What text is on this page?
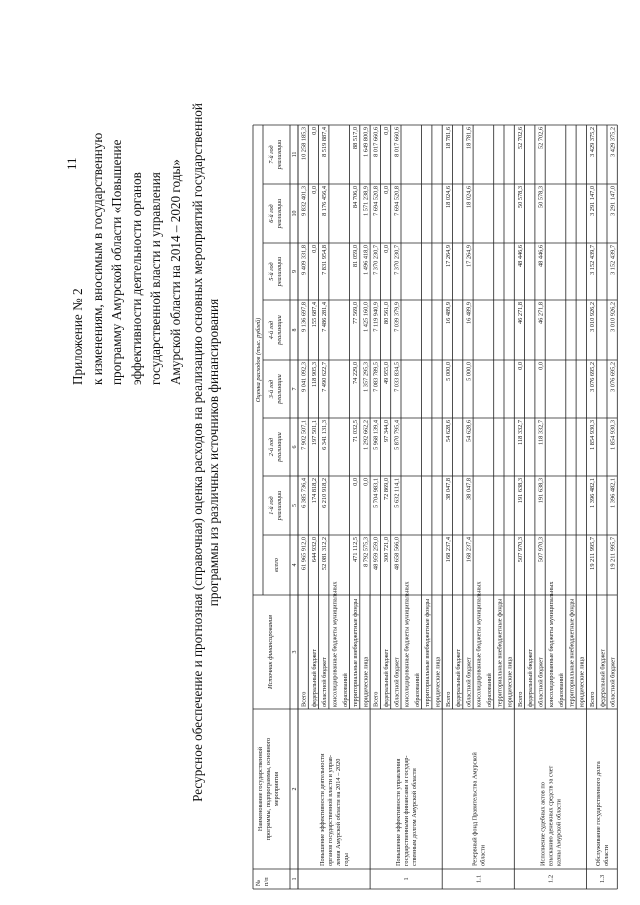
11
Приложение № 2 к изменениям, вносимым в государственную программу Амурской области «Повышение эффективности деятельности органов государственной власти и управления Амурской области на 2014 – 2020 годы» Ресурсное обеспечение и прогнозная (справочная) оценка расходов на реализацию основных мероприятий государственной программы из различных источников финансирования
№ п/п
Наименование государственной программы, подпрограммы, основного мероприятия
Источник финансирования
Оценка расходов (тыс. рублей)
всего
1-й год реализации
2-й год реализации
3-й год реализации
4-й год реализации
5-й год реализации
6-й год реализации
7-й год реализации
1
2
3
4
5
6
7
8
9
10
11
Повышение эффективности деятельности органов государственной власти и управ- ления Амурской области на 2014 – 2020 годы
Всего
61 965 912,0
6 385 736,4
7 902 507,1
9 041 092,3
9 136 697,8
9 409 331,8
9 832 401,3
10 258 185,3
федеральный бюджет
644 932,0
174 818,2
197 501,1
118 905,3
155 687,4
0,0
0,0
0,0
областной бюджет
52 081 312,2
6 210 918,2
6 341 131,3
7 490 622,7
7 486 281,4
7 831 954,8
8 176 456,4
8 519 887,4
консолидированные бюджеты муниципальных образований территориальные внебюджетные фонды
471 112,5
0,0
71 032,5
74 229,0
77 569,0
81 059,0
84 706,0
88 517,0
юридические лица
8 792 575,3
0,0
1 292 662,2
1 357 295,3
1 425 160,0
1 496 418,0
1 571 238,9
1 649 800,9
1
Повышение эффективности управления государственными финансами и государ- ственным долгом Амурской области
Всего
48 959 259,0
5 704 983,1
5 968 139,4
7 083 789,5
7 119 940,9
7 370 230,7
7 694 520,8
8 017 660,6
федеральный бюджет
300 721,0
72 869,0
97 344,0
49 955,0
80 561,0
0,0
0,0
0,0
областной бюджет
48 658 566,0
5 632 114,1
5 870 795,4
7 033 834,5
7 039 379,9
7 370 230,7
7 694 520,8
8 017 660,6
консолидированные бюджеты муниципальных образований территориальные внебюджетные фонды юридические лица
1.1
Резервный фонд Правительства Амурской области
Всего
168 237,4
38 047,8
54 628,6
5 000,0
16 489,9
17 264,9
18 024,6
18 781,6
федеральный бюджет областной бюджет
168 237,4
38 047,8
54 628,6
5 000,0
16 489,9
17 264,9
18 024,6
18 781,6
консолидированные бюджеты муниципальных образований территориальные внебюджетные фонды юридические лица
1.2
Исполнение судебных актов по взысканию денежных средств за счет казны Амурской области
Всего
507 970,3
191 638,3
118 332,7
0,0
46 271,8
48 446,6
50 578,3
52 702,6
федеральный бюджет областной бюджет
507 970,3
191 638,3
118 332,7
0,0
46 271,8
48 446,6
50 578,3
52 702,6
консолидированные бюджеты муниципальных образований территориальные внебюджетные фонды юридические лица
1.3
Обслуживание государственного долга области
Всего
19 211 995,7
1 396 482,1
1 854 930,3
3 076 695,2
3 010 926,2
3 152 439,7
3 291 147,0
3 429 375,2
федеральный бюджет областной бюджет
19 211 995,7
1 396 482,1
1 854 930,3
3 076 695,2
3 010 926,2
3 152 439,7
3 291 147,0
3 429 375,2
